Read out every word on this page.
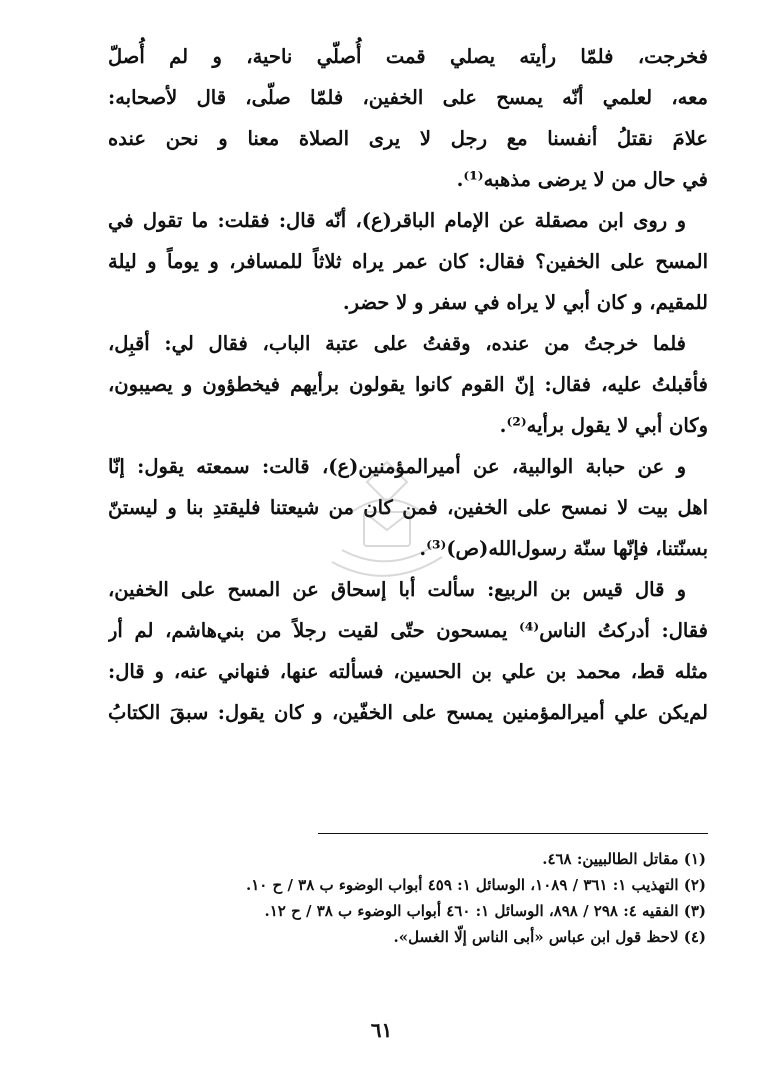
فخرجت، فلمّا رأيته يصلي قمت أُصلّي ناحية، و لم أُصلّ
معه، لعلمي أنّه يمسح على الخفين، فلمّا صلّى، قال لأصحابه:
علامَ نقتلُ أنفسنا مع رجل لا يرى الصلاة معنا و نحن عنده
في حال من لا يرضى مذهبه⁽¹⁾.
و روى ابن مصقلة عن الإمام الباقر(ع)، أنّه قال: فقلت: ما تقول في
المسح على الخفين؟ فقال: كان عمر يراه ثلاثاً للمسافر، و يوماً و ليلة
للمقيم، و كان أبي لا يراه في سفر و لا حضر.
فلما خرجتُ من عنده، وقفتُ على عتبة الباب، فقال لي: أقبِل،
فأقبلتُ عليه، فقال: إنّ القوم كانوا يقولون برأيهم فيخطؤون و يصيبون،
وكان أبي لا يقول برأيه⁽²⁾.
و عن حبابة الوالبية، عن أميرالمؤمنين(ع)، قالت: سمعته يقول: إنّا
اهل بيت لا نمسح على الخفين، فمن كان من شيعتنا فليقتدِ بنا و ليستنّ
بسنّتنا، فإنّها سنّة رسول‌الله(ص)⁽³⁾.
و قال قيس بن الربيع: سألت أبا إسحاق عن المسح على الخفين،
فقال: أدركتُ الناس⁽⁴⁾ يمسحون حتّى لقيت رجلاً من بني‌هاشم، لم أر
مثله قط، محمد بن علي بن الحسين، فسألته عنها، فنهاني عنه، و قال:
لم‌يكن علي أميرالمؤمنين يمسح على الخفّين، و كان يقول: سبقَ الكتابُ
(١) مقاتل الطالبيين: ٤٦٨.
(٢) التهذيب ١: ٣٦١ / ١٠٨٩، الوسائل ١: ٤٥٩ أبواب الوضوء ب ٣٨ / ح ١٠.
(٣) الفقيه ٤: ٢٩٨ / ٨٩٨، الوسائل ١: ٤٦٠ أبواب الوضوء ب ٣٨ / ح ١٢.
(٤) لاحظ قول ابن عباس «أبى الناس إلّا الغسل».
٦١
